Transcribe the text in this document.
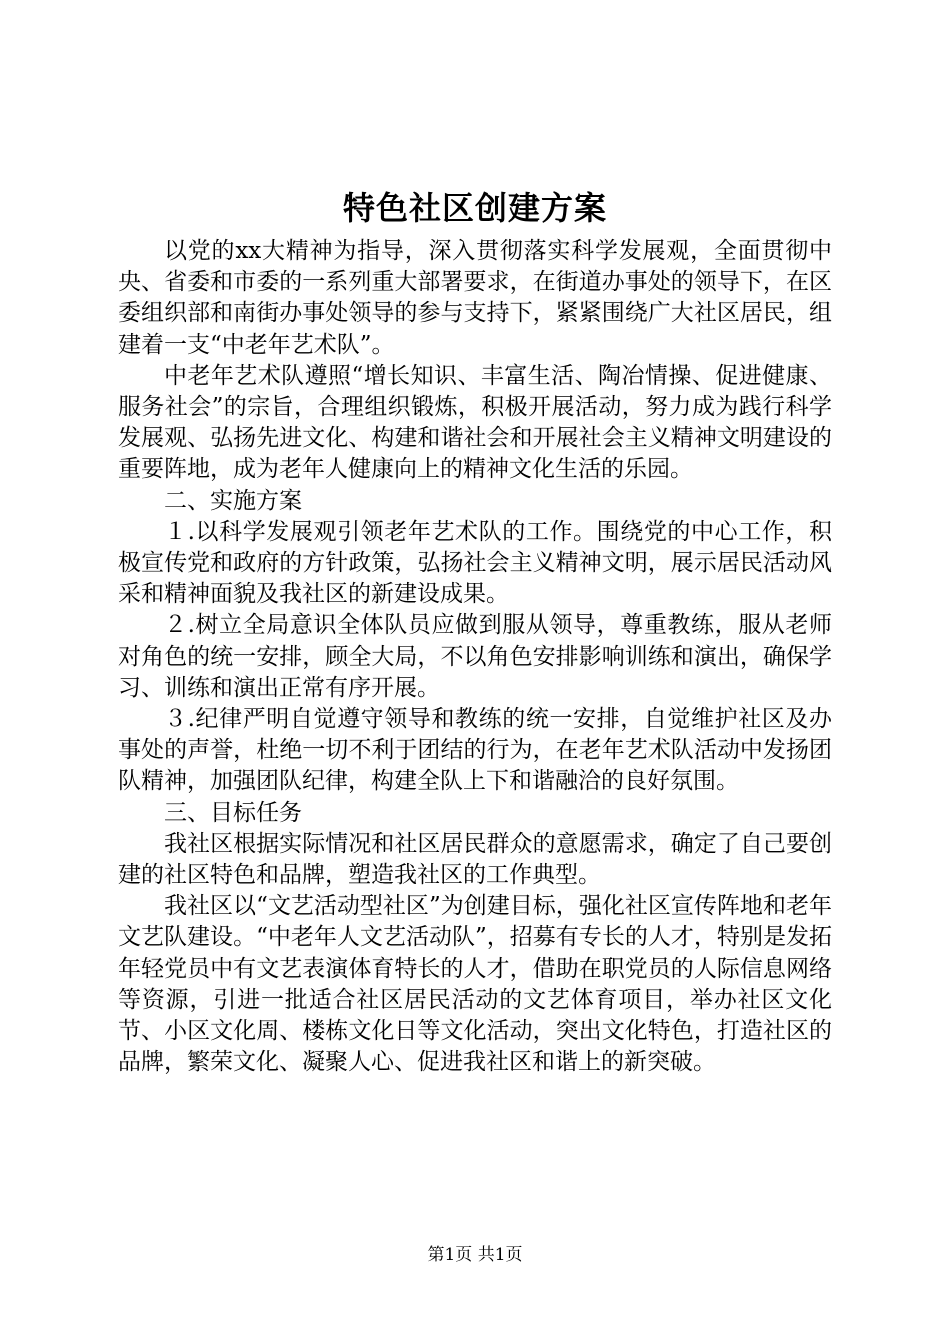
特色社区创建方案

以党的xx大精神为指导，深入贯彻落实科学发展观，全面贯彻中央、省委和市委的一系列重大部署要求，在街道办事处的领导下，在区委组织部和南街办事处领导的参与支持下，紧紧围绕广大社区居民，组建着一支“中老年艺术队”。

中老年艺术队遵照“增长知识、丰富生活、陶冶情操、促进健康、服务社会”的宗旨，合理组织锻炼，积极开展活动，努力成为践行科学发展观、弘扬先进文化、构建和谐社会和开展社会主义精神文明建设的重要阵地，成为老年人健康向上的精神文化生活的乐园。

二、实施方案

１.以科学发展观引领老年艺术队的工作。围绕党的中心工作，积极宣传党和政府的方针政策，弘扬社会主义精神文明，展示居民活动风采和精神面貌及我社区的新建设成果。

２.树立全局意识全体队员应做到服从领导，尊重教练，服从老师对角色的统一安排，顾全大局，不以角色安排影响训练和演出，确保学习、训练和演出正常有序开展。

３.纪律严明自觉遵守领导和教练的统一安排，自觉维护社区及办事处的声誉，杜绝一切不利于团结的行为，在老年艺术队活动中发扬团队精神，加强团队纪律，构建全队上下和谐融洽的良好氛围。

三、目标任务

我社区根据实际情况和社区居民群众的意愿需求，确定了自己要创建的社区特色和品牌，塑造我社区的工作典型。

我社区以“文艺活动型社区”为创建目标，强化社区宣传阵地和老年文艺队建设。“中老年人文艺活动队”，招募有专长的人才，特别是发拓年轻党员中有文艺表演体育特长的人才，借助在职党员的人际信息网络等资源，引进一批适合社区居民活动的文艺体育项目，举办社区文化节、小区文化周、楼栋文化日等文化活动，突出文化特色，打造社区的品牌，繁荣文化、凝聚人心、促进我社区和谐上的新突破。

第1页 共1页
